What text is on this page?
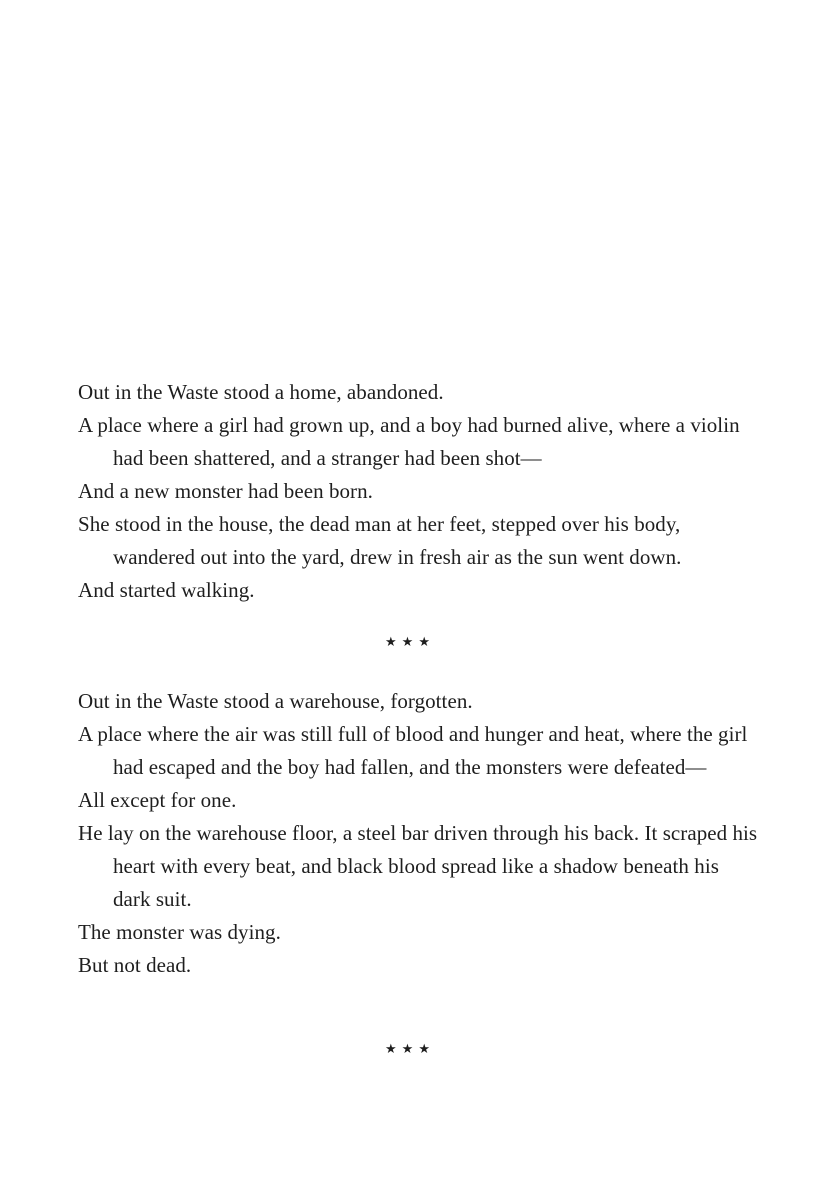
Out in the Waste stood a home, abandoned.

A place where a girl had grown up, and a boy had burned alive, where a violin had been shattered, and a stranger had been shot—

And a new monster had been born.

She stood in the house, the dead man at her feet, stepped over his body, wandered out into the yard, drew in fresh air as the sun went down.

And started walking.

★★★

Out in the Waste stood a warehouse, forgotten.

A place where the air was still full of blood and hunger and heat, where the girl had escaped and the boy had fallen, and the monsters were defeated—

All except for one.

He lay on the warehouse floor, a steel bar driven through his back. It scraped his heart with every beat, and black blood spread like a shadow beneath his dark suit.

The monster was dying.

But not dead.

★★★
